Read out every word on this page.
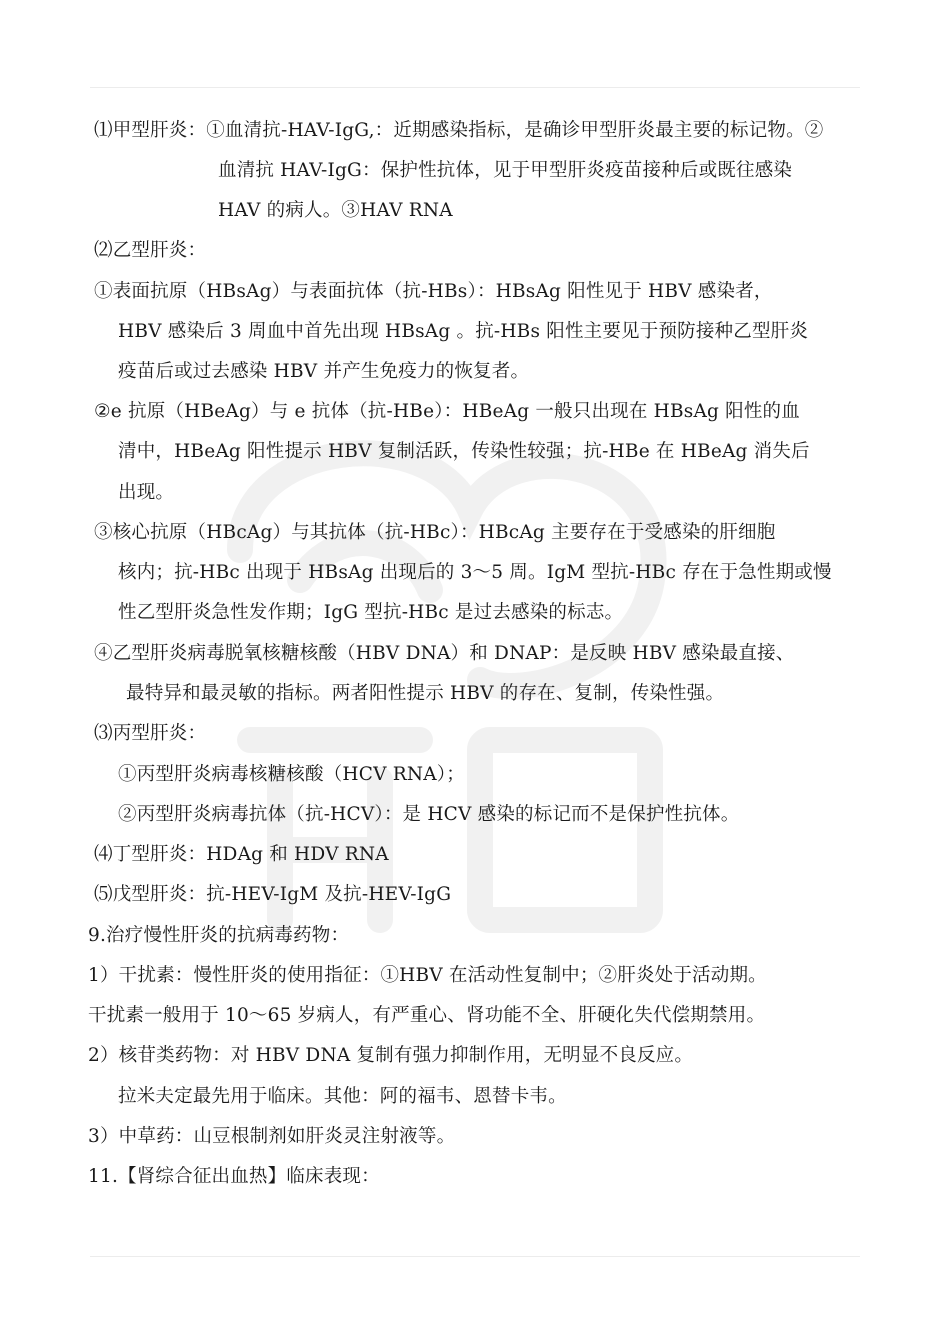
⑴甲型肝炎：①血清抗-HAV-IgG,：近期感染指标，是确诊甲型肝炎最主要的标记物。②
血清抗 HAV-IgG：保护性抗体，见于甲型肝炎疫苗接种后或既往感染
HAV 的病人。③HAV RNA
⑵乙型肝炎：
①表面抗原（HBsAg）与表面抗体（抗-HBs）：HBsAg 阳性见于 HBV 感染者，
HBV 感染后 3 周血中首先出现 HBsAg 。抗-HBs 阳性主要见于预防接种乙型肝炎
疫苗后或过去感染 HBV 并产生免疫力的恢复者。
②e 抗原（HBeAg）与 e 抗体（抗-HBe）：HBeAg 一般只出现在 HBsAg 阳性的血
清中，HBeAg 阳性提示 HBV 复制活跃，传染性较强；抗-HBe 在 HBeAg 消失后
出现。
③核心抗原（HBcAg）与其抗体（抗-HBc）：HBcAg 主要存在于受感染的肝细胞
核内；抗-HBc 出现于 HBsAg 出现后的 3～5 周。IgM 型抗-HBc 存在于急性期或慢
性乙型肝炎急性发作期；IgG 型抗-HBc 是过去感染的标志。
④乙型肝炎病毒脱氧核糖核酸（HBV DNA）和 DNAP：是反映 HBV 感染最直接、
最特异和最灵敏的指标。两者阳性提示 HBV 的存在、复制，传染性强。
⑶丙型肝炎：
①丙型肝炎病毒核糖核酸（HCV RNA）；
②丙型肝炎病毒抗体（抗-HCV）：是 HCV 感染的标记而不是保护性抗体。
⑷丁型肝炎：HDAg 和 HDV RNA
⑸戊型肝炎：抗-HEV-IgM 及抗-HEV-IgG
9.治疗慢性肝炎的抗病毒药物：
1）干扰素：慢性肝炎的使用指征：①HBV 在活动性复制中；②肝炎处于活动期。
干扰素一般用于 10～65 岁病人，有严重心、肾功能不全、肝硬化失代偿期禁用。
2）核苷类药物：对 HBV DNA 复制有强力抑制作用，无明显不良反应。
拉米夫定最先用于临床。其他：阿的福韦、恩替卡韦。
3）中草药：山豆根制剂如肝炎灵注射液等。
11.【肾综合征出血热】临床表现：
